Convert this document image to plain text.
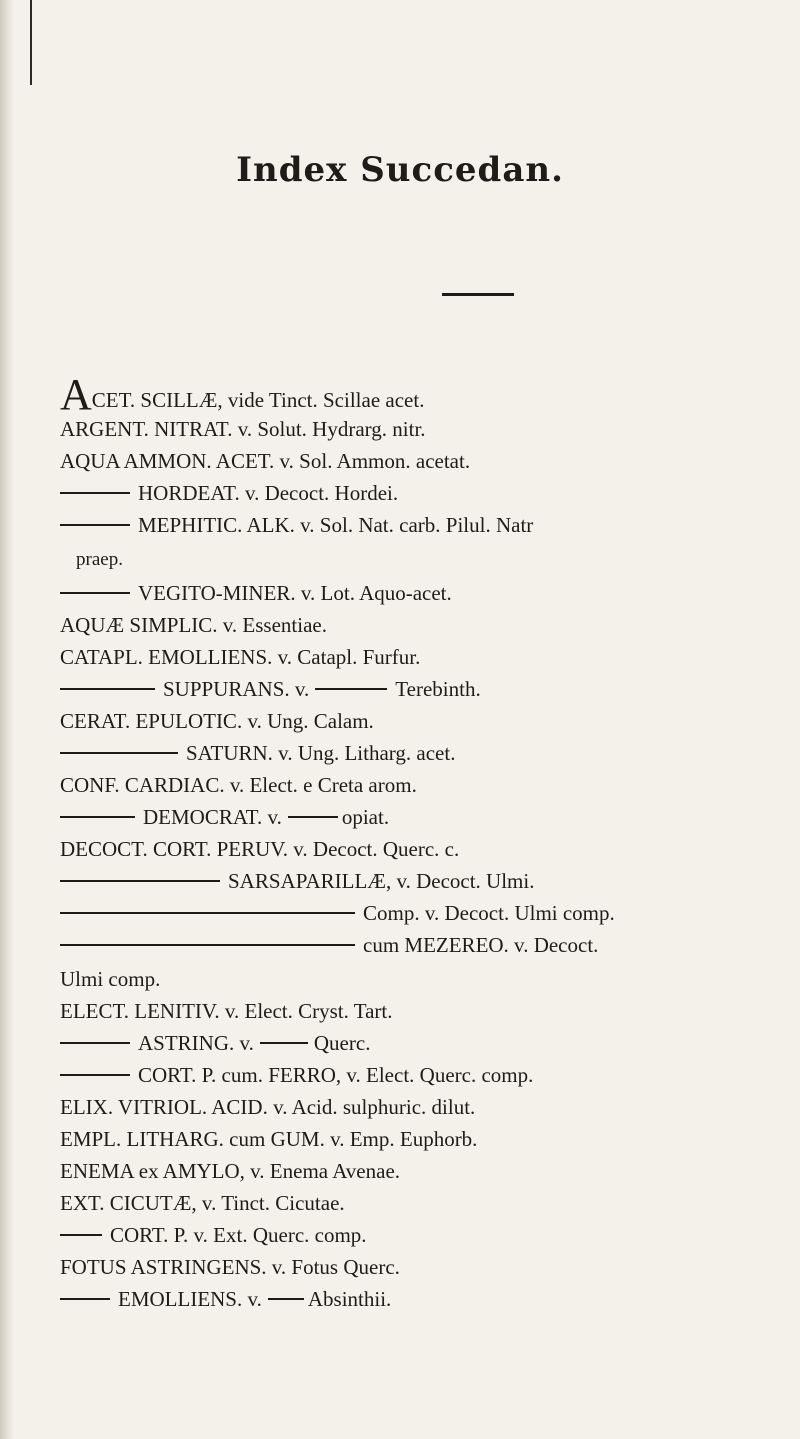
Index Succedan.
ACET. SCILLÆ, vide Tinct. Scillae acet.
ARGENT. NITRAT. v. Solut. Hydrarg. nitr.
AQUA AMMON. ACET. v. Sol. Ammon. acetat.
HORDEAT. v. Decoct. Hordei.
MEPHITIC. ALK. v. Sol. Nat. carb. Pilul. Natr
praep.
VEGITO-MINER. v. Lot. Aquo-acet.
AQUÆ SIMPLIC. v. Essentiae.
CATAPL. EMOLLIENS. v. Catapl. Furfur.
SUPPURANS. v.	Terebinth.
CERAT. EPULOTIC. v. Ung. Calam.
SATURN. v. Ung. Litharg. acet.
CONF. CARDIAC. v. Elect. e Creta arom.
DEMOCRAT. v.	opiat.
DECOCT. CORT. PERUV. v. Decoct. Querc. c.
SARSAPARILLÆ, v. Decoct. Ulmi.
Comp. v. Decoct. Ulmi comp.
cum MEZEREO. v. Decoct.
Ulmi comp.
ELECT. LENITIV. v. Elect. Cryst. Tart.
ASTRING. v.	Querc.
CORT. P. cum. FERRO, v. Elect. Querc. comp.
ELIX. VITRIOL. ACID. v. Acid. sulphuric. dilut.
EMPL. LITHARG. cum GUM. v. Emp. Euphorb.
ENEMA ex AMYLO, v. Enema Avenae.
EXT. CICUTÆ, v. Tinct. Cicutae.
CORT. P. v. Ext. Querc. comp.
FOTUS ASTRINGENS. v. Fotus Querc.
EMOLLIENS. v. Absinthii.
